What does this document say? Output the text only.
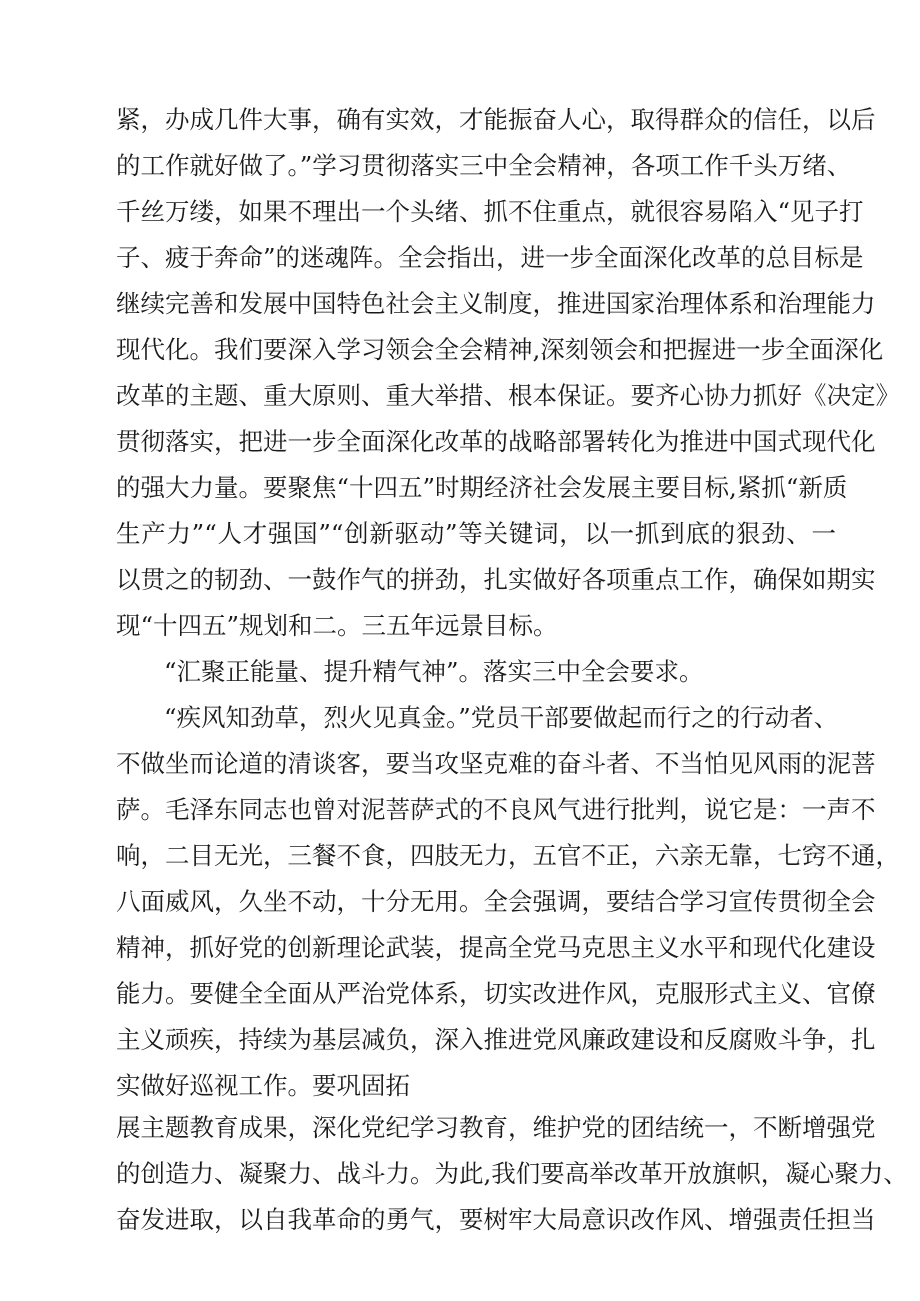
紧，办成几件大事，确有实效，才能振奋人心，取得群众的信任，以后
的工作就好做了。”学习贯彻落实三中全会精神，各项工作千头万绪、
千丝万缕，如果不理出一个头绪、抓不住重点，就很容易陷入“见子打
子、疲于奔命”的迷魂阵。全会指出，进一步全面深化改革的总目标是
继续完善和发展中国特色社会主义制度，推进国家治理体系和治理能力
现代化。我们要深入学习领会全会精神,深刻领会和把握进一步全面深化
改革的主题、重大原则、重大举措、根本保证。要齐心协力抓好《决定》
贯彻落实，把进一步全面深化改革的战略部署转化为推进中国式现代化
的强大力量。要聚焦“十四五”时期经济社会发展主要目标,紧抓“新质
生产力”“人才强国”“创新驱动”等关键词，以一抓到底的狠劲、一
以贯之的韧劲、一鼓作气的拼劲，扎实做好各项重点工作，确保如期实
现“十四五”规划和二。三五年远景目标。
“汇聚正能量、提升精气神”。落实三中全会要求。
“疾风知劲草，烈火见真金。”党员干部要做起而行之的行动者、
不做坐而论道的清谈客，要当攻坚克难的奋斗者、不当怕见风雨的泥菩
萨。毛泽东同志也曾对泥菩萨式的不良风气进行批判，说它是：一声不
响，二目无光，三餐不食，四肢无力，五官不正，六亲无靠，七窍不通，
八面威风，久坐不动，十分无用。全会强调，要结合学习宣传贯彻全会
精神，抓好党的创新理论武装，提高全党马克思主义水平和现代化建设
能力。要健全全面从严治党体系，切实改进作风，克服形式主义、官僚
主义顽疾，持续为基层减负，深入推进党风廉政建设和反腐败斗争，扎
实做好巡视工作。要巩固拓
展主题教育成果，深化党纪学习教育，维护党的团结统一，不断增强党
的创造力、凝聚力、战斗力。为此,我们要高举改革开放旗帜，凝心聚力、
奋发进取，以自我革命的勇气，要树牢大局意识改作风、增强责任担当
